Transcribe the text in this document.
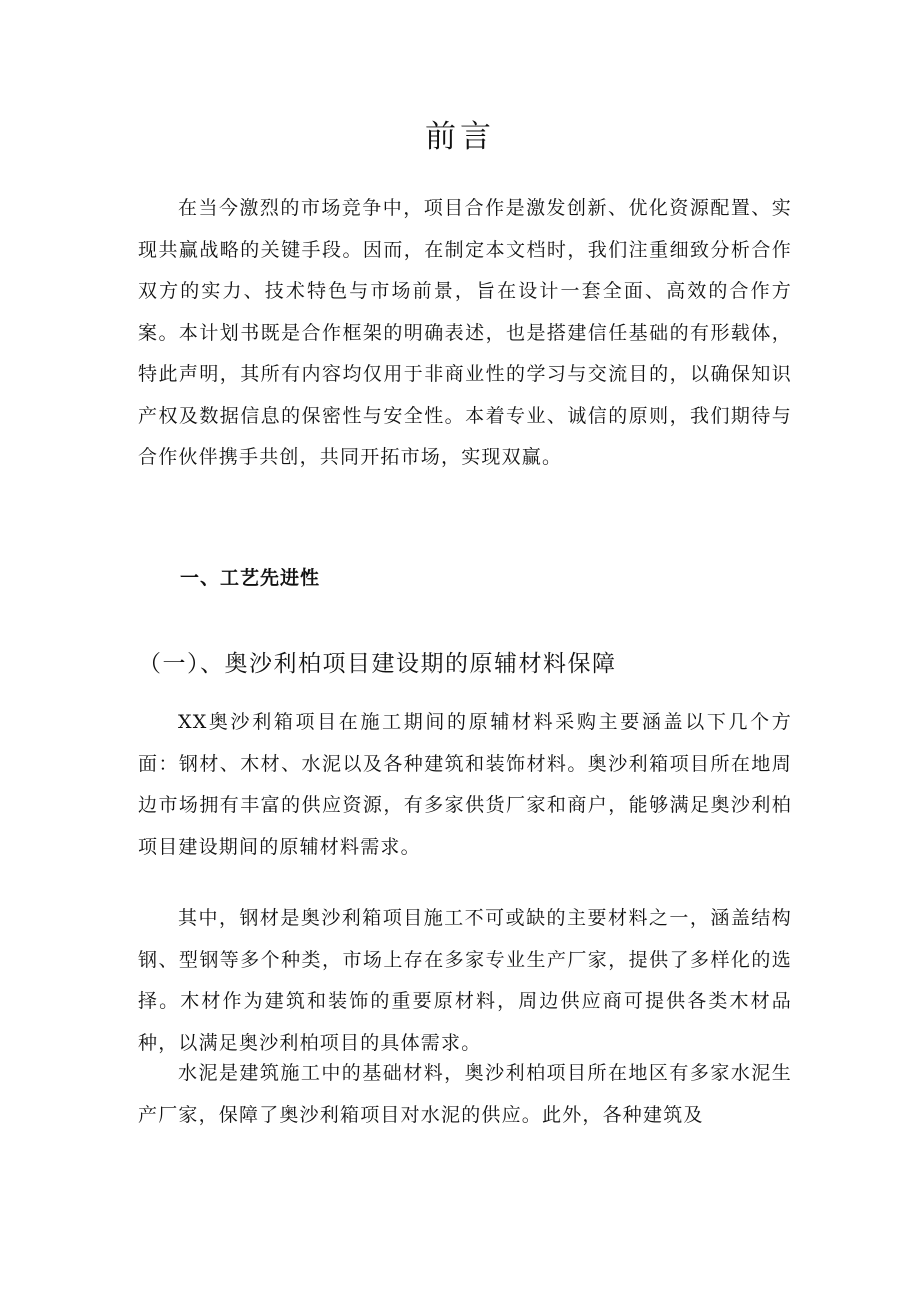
前言

在当今激烈的市场竞争中，项目合作是激发创新、优化资源配置、实现共赢战略的关键手段。因而，在制定本文档时，我们注重细致分析合作双方的实力、技术特色与市场前景，旨在设计一套全面、高效的合作方案。本计划书既是合作框架的明确表述，也是搭建信任基础的有形载体，特此声明，其所有内容均仅用于非商业性的学习与交流目的，以确保知识产权及数据信息的保密性与安全性。本着专业、诚信的原则，我们期待与合作伙伴携手共创，共同开拓市场，实现双赢。

一、工艺先进性
（一）、奥沙利柏项目建设期的原辅材料保障

XX奥沙利箱项目在施工期间的原辅材料采购主要涵盖以下几个方面：钢材、木材、水泥以及各种建筑和装饰材料。奥沙利箱项目所在地周边市场拥有丰富的供应资源，有多家供货厂家和商户，能够满足奥沙利柏项目建设期间的原辅材料需求。

其中，钢材是奥沙利箱项目施工不可或缺的主要材料之一，涵盖结构钢、型钢等多个种类，市场上存在多家专业生产厂家，提供了多样化的选择。木材作为建筑和装饰的重要原材料，周边供应商可提供各类木材品种，以满足奥沙利柏项目的具体需求。

水泥是建筑施工中的基础材料，奥沙利柏项目所在地区有多家水泥生产厂家，保障了奥沙利箱项目对水泥的供应。此外，各种建筑及
